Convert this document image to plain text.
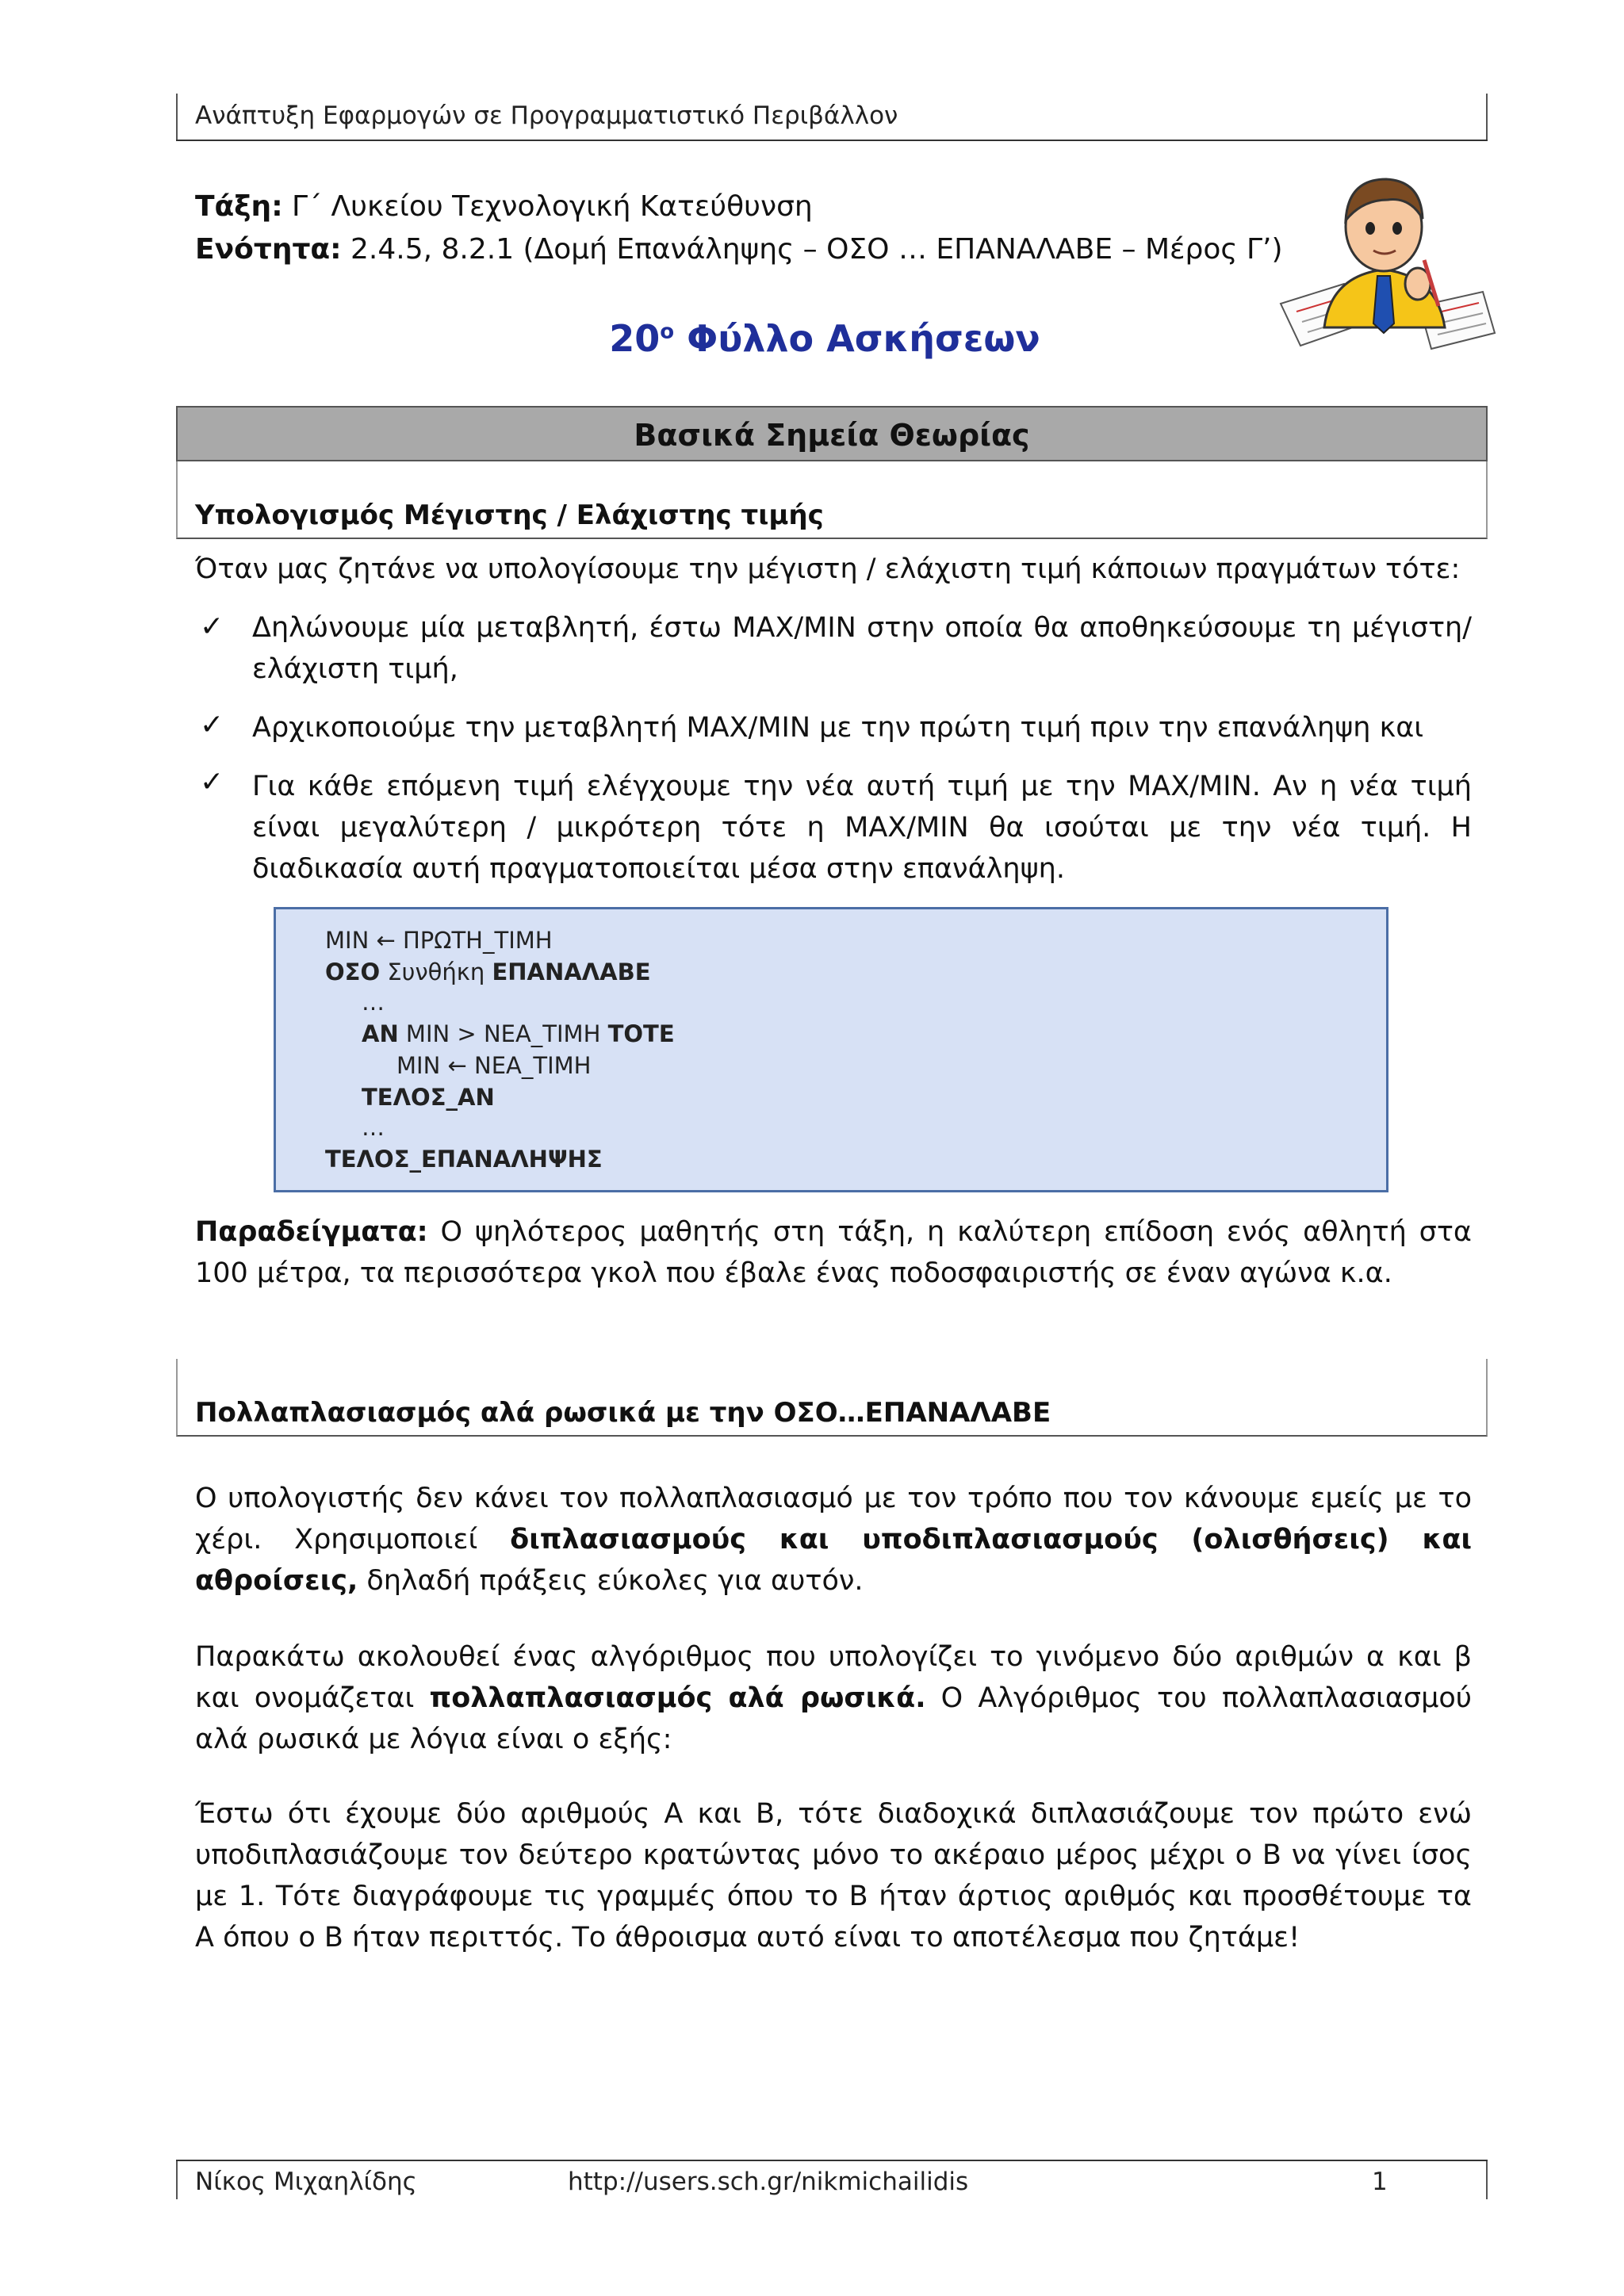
Ανάπτυξη Εφαρμογών σε Προγραμματιστικό Περιβάλλον
Τάξη: Γ΄ Λυκείου Τεχνολογική Κατεύθυνση
Ενότητα: 2.4.5, 8.2.1 (Δομή Επανάληψης – ΟΣΟ … ΕΠΑΝΑΛΑΒΕ – Μέρος Γ’)
$20^o$ Φύλλο Ασκήσεων
Βασικά Σημεία Θεωρίας
Υπολογισμός Μέγιστης / Ελάχιστης τιμής
Όταν μας ζητάνε να υπολογίσουμε την μέγιστη / ελάχιστη τιμή κάποιων πραγμάτων τότε:
✓ Δηλώνουμε μία μεταβλητή, έστω MAX/MIN στην οποία θα αποθηκεύσουμε τη μέγιστη/ελάχιστη τιμή,
✓ Αρχικοποιούμε την μεταβλητή MAX/MIN με την πρώτη τιμή πριν την επανάληψη και
✓ Για κάθε επόμενη τιμή ελέγχουμε την νέα αυτή τιμή με την MAX/MIN. Αν η νέα τιμή είναι μεγαλύτερη / μικρότερη τότε η MAX/MIN θα ισούται με την νέα τιμή. Η διαδικασία αυτή πραγματοποιείται μέσα στην επανάληψη.
MIN ← ΠΡΩΤΗ_ΤΙΜΗ
ΟΣΟ Συνθήκη ΕΠΑΝΑΛΑΒΕ
…
ΑΝ MIN > ΝΕΑ_ΤΙΜΗ ΤΟΤΕ
MIN ← ΝΕΑ_ΤΙΜΗ
ΤΕΛΟΣ_ΑΝ
…
ΤΕΛΟΣ_ΕΠΑΝΑΛΗΨΗΣ
Παραδείγματα: Ο ψηλότερος μαθητής στη τάξη, η καλύτερη επίδοση ενός αθλητή στα 100 μέτρα, τα περισσότερα γκολ που έβαλε ένας ποδοσφαιριστής σε έναν αγώνα κ.α.
Πολλαπλασιασμός αλά ρωσικά με την ΟΣΟ…ΕΠΑΝΑΛΑΒΕ
Ο υπολογιστής δεν κάνει τον πολλαπλασιασμό με τον τρόπο που τον κάνουμε εμείς με το χέρι. Χρησιμοποιεί διπλασιασμούς και υποδιπλασιασμούς (ολισθήσεις) και αθροίσεις, δηλαδή πράξεις εύκολες για αυτόν.
Παρακάτω ακολουθεί ένας αλγόριθμος που υπολογίζει το γινόμενο δύο αριθμών α και β και ονομάζεται πολλαπλασιασμός αλά ρωσικά. Ο Αλγόριθμος του πολλαπλασιασμού αλά ρωσικά με λόγια είναι ο εξής:
Έστω ότι έχουμε δύο αριθμούς Α και Β, τότε διαδοχικά διπλασιάζουμε τον πρώτο ενώ υποδιπλασιάζουμε τον δεύτερο κρατώντας μόνο το ακέραιο μέρος μέχρι ο Β να γίνει ίσος με 1. Τότε διαγράφουμε τις γραμμές όπου το Β ήταν άρτιος αριθμός και προσθέτουμε τα Α όπου ο Β ήταν περιττός. Το άθροισμα αυτό είναι το αποτέλεσμα που ζητάμε!
Νίκος Μιχαηλίδης	http://users.sch.gr/nikmichailidis	1
